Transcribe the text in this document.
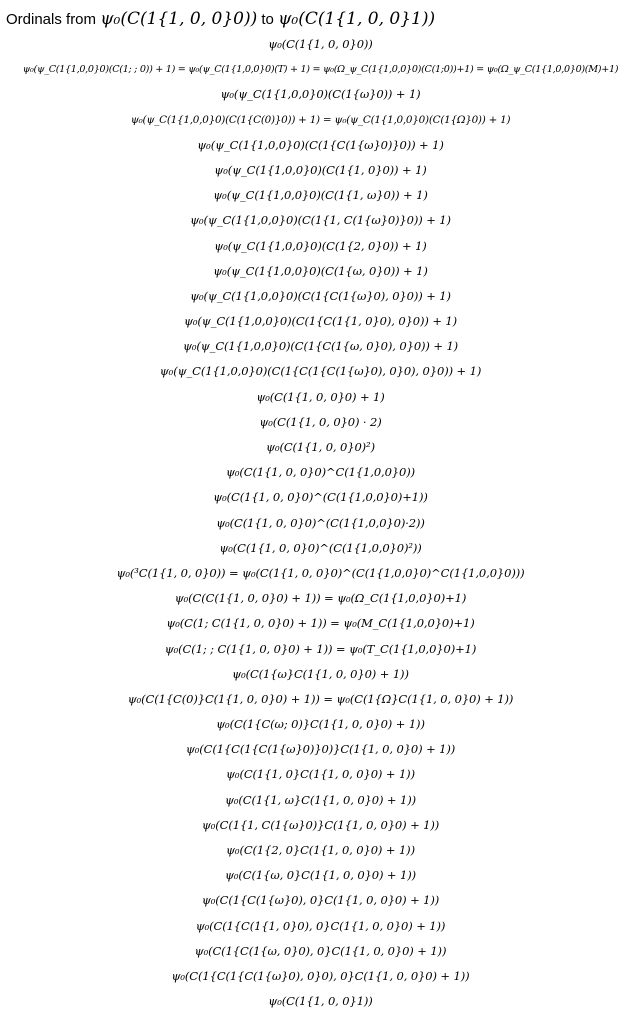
Ordinals from ψ₀(C(1{1, 0, 0}0)) to ψ₀(C(1{1, 0, 0}1))
ψ₀(C(1{1, 0, 0}0))
ψ₀(ψ_C(1{1,0,0}0)(C(1; ; 0)) + 1) = ψ₀(ψ_C(1{1,0,0}0)(T) + 1) = ψ₀(Ω_ψ_C(1{1,0,0}0)(C(1;0))+1) = ψ₀(Ω_ψ_C(1{1,0,0}0)(M)+1)
ψ₀(ψ_C(1{1,0,0}0)(C(1{ω}0)) + 1)
ψ₀(ψ_C(1{1,0,0}0)(C(1{C(0)}0)) + 1) = ψ₀(ψ_C(1{1,0,0}0)(C(1{Ω}0)) + 1)
ψ₀(ψ_C(1{1,0,0}0)(C(1{C(1{ω}0)}0)) + 1)
ψ₀(ψ_C(1{1,0,0}0)(C(1{1, 0}0)) + 1)
ψ₀(ψ_C(1{1,0,0}0)(C(1{1, ω}0)) + 1)
ψ₀(ψ_C(1{1,0,0}0)(C(1{1, C(1{ω}0)}0)) + 1)
ψ₀(ψ_C(1{1,0,0}0)(C(1{2, 0}0)) + 1)
ψ₀(ψ_C(1{1,0,0}0)(C(1{ω, 0}0)) + 1)
ψ₀(ψ_C(1{1,0,0}0)(C(1{C(1{ω}0), 0}0)) + 1)
ψ₀(ψ_C(1{1,0,0}0)(C(1{C(1{1, 0}0), 0}0)) + 1)
ψ₀(ψ_C(1{1,0,0}0)(C(1{C(1{ω, 0}0), 0}0)) + 1)
ψ₀(ψ_C(1{1,0,0}0)(C(1{C(1{C(1{ω}0), 0}0), 0}0)) + 1)
ψ₀(C(1{1, 0, 0}0) + 1)
ψ₀(C(1{1, 0, 0}0) · 2)
ψ₀(C(1{1, 0, 0}0)²)
ψ₀(C(1{1, 0, 0}0)^C(1{1,0,0}0))
ψ₀(C(1{1, 0, 0}0)^(C(1{1,0,0}0)+1))
ψ₀(C(1{1, 0, 0}0)^(C(1{1,0,0}0)·2))
ψ₀(C(1{1, 0, 0}0)^(C(1{1,0,0}0)²))
ψ₀(³C(1{1, 0, 0}0)) = ψ₀(C(1{1, 0, 0}0)^(C(1{1,0,0}0)^C(1{1,0,0}0)))
ψ₀(C(C(1{1, 0, 0}0) + 1)) = ψ₀(Ω_C(1{1,0,0}0)+1)
ψ₀(C(1; C(1{1, 0, 0}0) + 1)) = ψ₀(M_C(1{1,0,0}0)+1)
ψ₀(C(1; ; C(1{1, 0, 0}0) + 1)) = ψ₀(T_C(1{1,0,0}0)+1)
ψ₀(C(1{ω}C(1{1, 0, 0}0) + 1))
ψ₀(C(1{C(0)}C(1{1, 0, 0}0) + 1)) = ψ₀(C(1{Ω}C(1{1, 0, 0}0) + 1))
ψ₀(C(1{C(ω; 0)}C(1{1, 0, 0}0) + 1))
ψ₀(C(1{C(1{C(1{ω}0)}0)}C(1{1, 0, 0}0) + 1))
ψ₀(C(1{1, 0}C(1{1, 0, 0}0) + 1))
ψ₀(C(1{1, ω}C(1{1, 0, 0}0) + 1))
ψ₀(C(1{1, C(1{ω}0)}C(1{1, 0, 0}0) + 1))
ψ₀(C(1{2, 0}C(1{1, 0, 0}0) + 1))
ψ₀(C(1{ω, 0}C(1{1, 0, 0}0) + 1))
ψ₀(C(1{C(1{ω}0), 0}C(1{1, 0, 0}0) + 1))
ψ₀(C(1{C(1{1, 0}0), 0}C(1{1, 0, 0}0) + 1))
ψ₀(C(1{C(1{ω, 0}0), 0}C(1{1, 0, 0}0) + 1))
ψ₀(C(1{C(1{C(1{ω}0), 0}0), 0}C(1{1, 0, 0}0) + 1))
ψ₀(C(1{1, 0, 0}1))
